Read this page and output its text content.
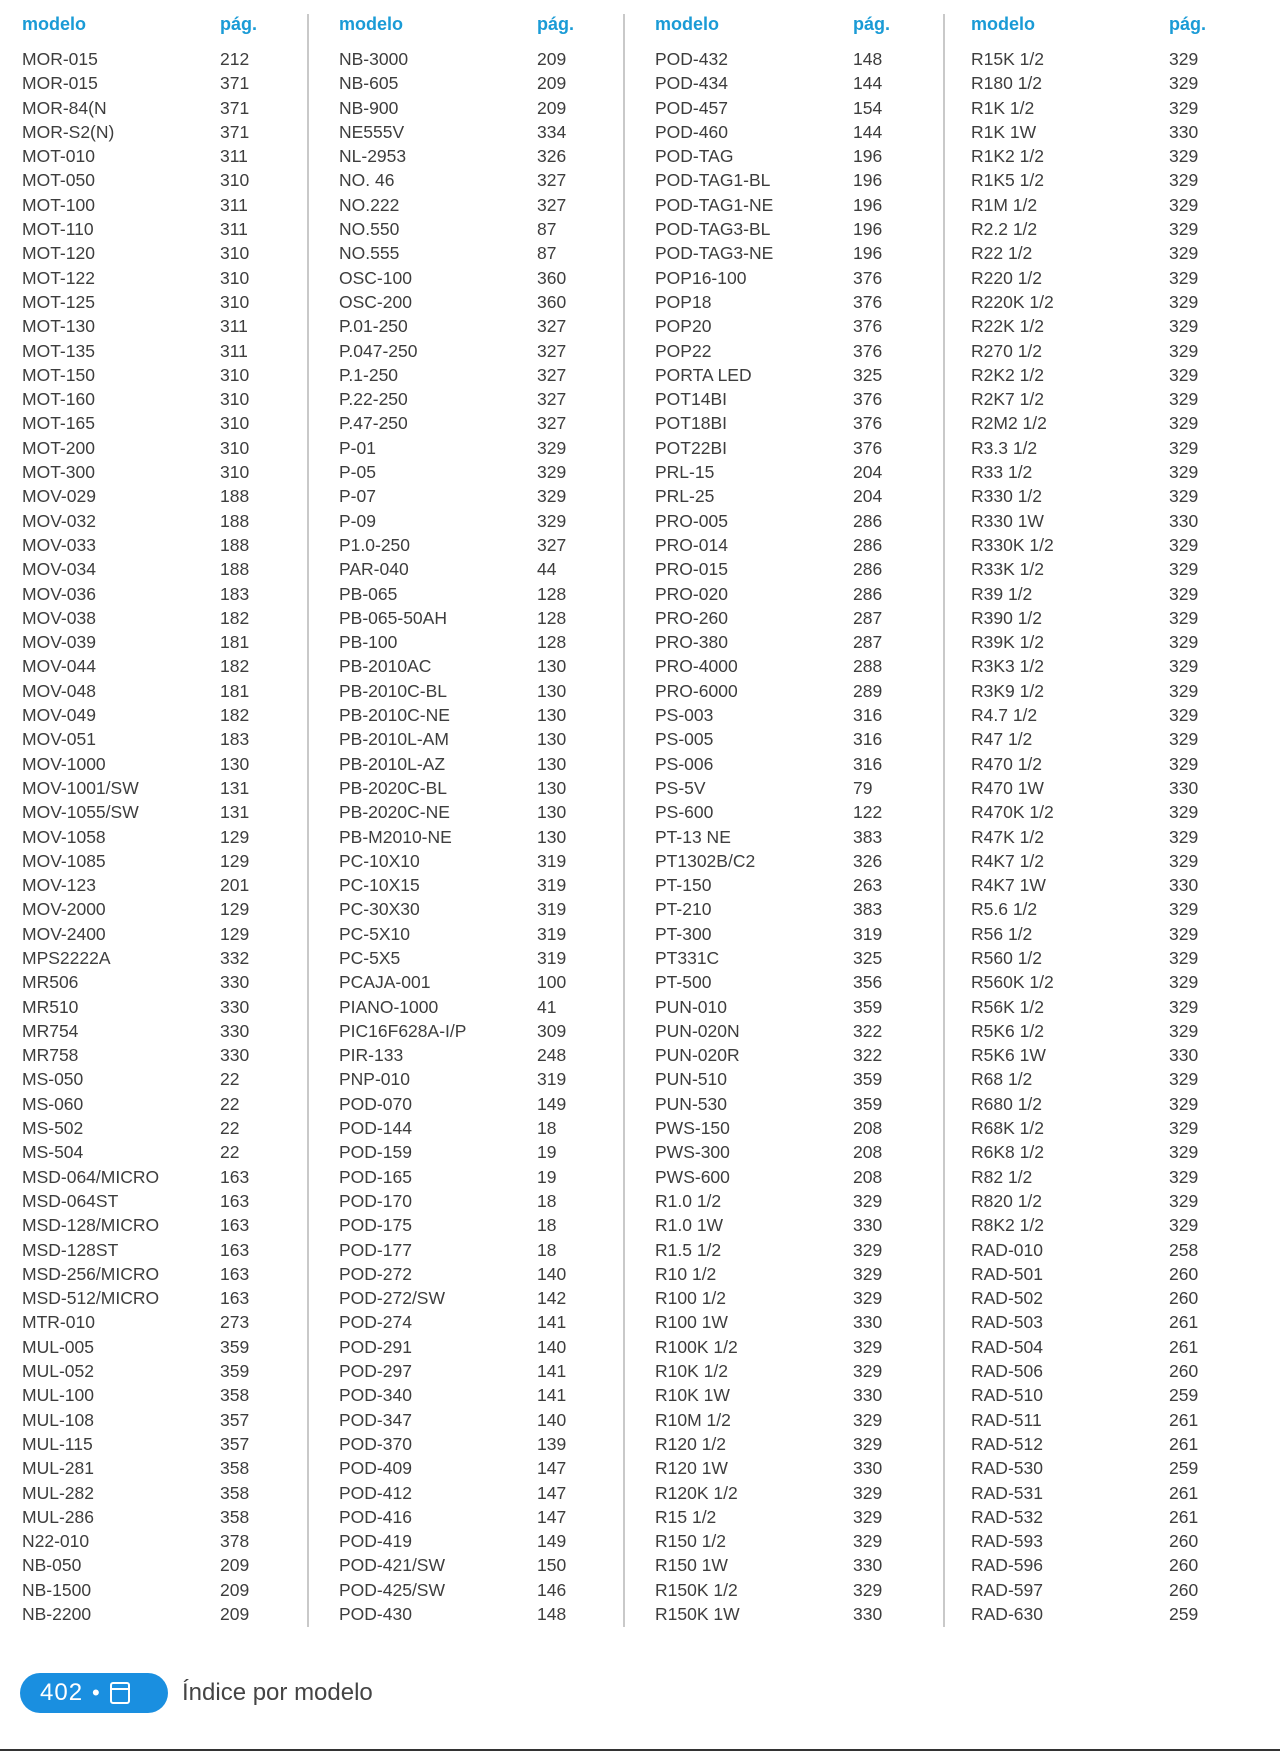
modelo	pág.
MOR-015	212
MOR-015	371
MOR-84(N	371
MOR-S2(N)	371
MOT-010	311
MOT-050	310
MOT-100	311
MOT-110	311
MOT-120	310
MOT-122	310
MOT-125	310
MOT-130	311
MOT-135	311
MOT-150	310
MOT-160	310
MOT-165	310
MOT-200	310
MOT-300	310
MOV-029	188
MOV-032	188
MOV-033	188
MOV-034	188
MOV-036	183
MOV-038	182
MOV-039	181
MOV-044	182
MOV-048	181
MOV-049	182
MOV-051	183
MOV-1000	130
MOV-1001/SW	131
MOV-1055/SW	131
MOV-1058	129
MOV-1085	129
MOV-123	201
MOV-2000	129
MOV-2400	129
MPS2222A	332
MR506	330
MR510	330
MR754	330
MR758	330
MS-050	22
MS-060	22
MS-502	22
MS-504	22
MSD-064/MICRO	163
MSD-064ST	163
MSD-128/MICRO	163
MSD-128ST	163
MSD-256/MICRO	163
MSD-512/MICRO	163
MTR-010	273
MUL-005	359
MUL-052	359
MUL-100	358
MUL-108	357
MUL-115	357
MUL-281	358
MUL-282	358
MUL-286	358
N22-010	378
NB-050	209
NB-1500	209
NB-2200	209
modelo	pág.
NB-3000	209
NB-605	209
NB-900	209
NE555V	334
NL-2953	326
NO. 46	327
NO.222	327
NO.550	87
NO.555	87
OSC-100	360
OSC-200	360
P.01-250	327
P.047-250	327
P.1-250	327
P.22-250	327
P.47-250	327
P-01	329
P-05	329
P-07	329
P-09	329
P1.0-250	327
PAR-040	44
PB-065	128
PB-065-50AH	128
PB-100	128
PB-2010AC	130
PB-2010C-BL	130
PB-2010C-NE	130
PB-2010L-AM	130
PB-2010L-AZ	130
PB-2020C-BL	130
PB-2020C-NE	130
PB-M2010-NE	130
PC-10X10	319
PC-10X15	319
PC-30X30	319
PC-5X10	319
PC-5X5	319
PCAJA-001	100
PIANO-1000	41
PIC16F628A-I/P	309
PIR-133	248
PNP-010	319
POD-070	149
POD-144	18
POD-159	19
POD-165	19
POD-170	18
POD-175	18
POD-177	18
POD-272	140
POD-272/SW	142
POD-274	141
POD-291	140
POD-297	141
POD-340	141
POD-347	140
POD-370	139
POD-409	147
POD-412	147
POD-416	147
POD-419	149
POD-421/SW	150
POD-425/SW	146
POD-430	148
modelo	pág.
POD-432	148
POD-434	144
POD-457	154
POD-460	144
POD-TAG	196
POD-TAG1-BL	196
POD-TAG1-NE	196
POD-TAG3-BL	196
POD-TAG3-NE	196
POP16-100	376
POP18	376
POP20	376
POP22	376
PORTA LED	325
POT14BI	376
POT18BI	376
POT22BI	376
PRL-15	204
PRL-25	204
PRO-005	286
PRO-014	286
PRO-015	286
PRO-020	286
PRO-260	287
PRO-380	287
PRO-4000	288
PRO-6000	289
PS-003	316
PS-005	316
PS-006	316
PS-5V	79
PS-600	122
PT-13 NE	383
PT1302B/C2	326
PT-150	263
PT-210	383
PT-300	319
PT331C	325
PT-500	356
PUN-010	359
PUN-020N	322
PUN-020R	322
PUN-510	359
PUN-530	359
PWS-150	208
PWS-300	208
PWS-600	208
R1.0 1/2	329
R1.0 1W	330
R1.5 1/2	329
R10 1/2	329
R100 1/2	329
R100 1W	330
R100K 1/2	329
R10K 1/2	329
R10K 1W	330
R10M 1/2	329
R120 1/2	329
R120 1W	330
R120K 1/2	329
R15 1/2	329
R150 1/2	329
R150 1W	330
R150K 1/2	329
R150K 1W	330
modelo	pág.
R15K 1/2	329
R180 1/2	329
R1K 1/2	329
R1K 1W	330
R1K2 1/2	329
R1K5 1/2	329
R1M 1/2	329
R2.2 1/2	329
R22 1/2	329
R220 1/2	329
R220K 1/2	329
R22K 1/2	329
R270 1/2	329
R2K2 1/2	329
R2K7 1/2	329
R2M2 1/2	329
R3.3 1/2	329
R33 1/2	329
R330 1/2	329
R330 1W	330
R330K 1/2	329
R33K 1/2	329
R39 1/2	329
R390 1/2	329
R39K 1/2	329
R3K3 1/2	329
R3K9 1/2	329
R4.7 1/2	329
R47 1/2	329
R470 1/2	329
R470 1W	330
R470K 1/2	329
R47K 1/2	329
R4K7 1/2	329
R4K7 1W	330
R5.6 1/2	329
R56 1/2	329
R560 1/2	329
R560K 1/2	329
R56K 1/2	329
R5K6 1/2	329
R5K6 1W	330
R68 1/2	329
R680 1/2	329
R68K 1/2	329
R6K8 1/2	329
R82 1/2	329
R820 1/2	329
R8K2 1/2	329
RAD-010	258
RAD-501	260
RAD-502	260
RAD-503	261
RAD-504	261
RAD-506	260
RAD-510	259
RAD-511	261
RAD-512	261
RAD-530	259
RAD-531	261
RAD-532	261
RAD-593	260
RAD-596	260
RAD-597	260
RAD-630	259
402 •	Índice por modelo
